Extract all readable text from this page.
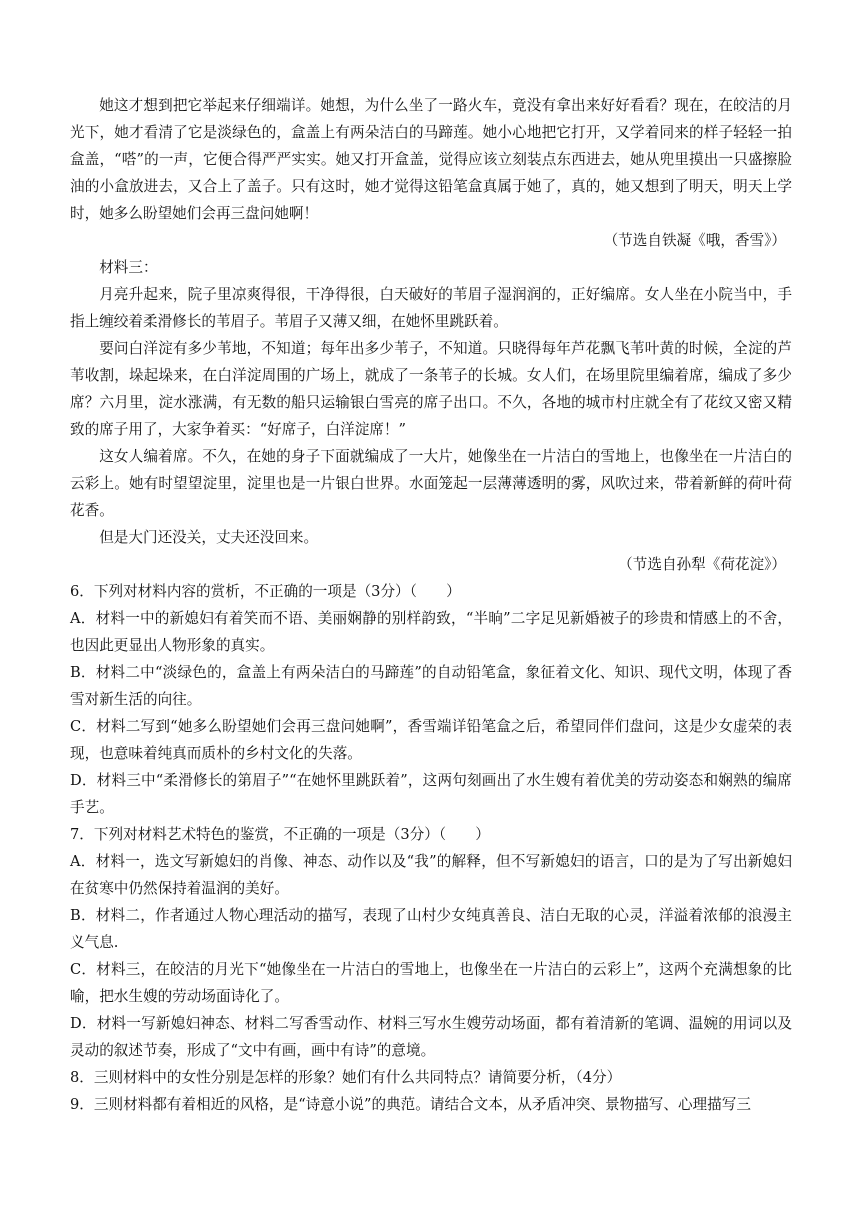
她这才想到把它举起来仔细端详。她想，为什么坐了一路火车，竟没有拿出来好好看看？现在，在皎洁的月光下，她才看清了它是淡绿色的，盒盖上有两朵洁白的马蹄莲。她小心地把它打开，又学着同来的样子轻轻一拍盒盖，“嗒”的一声，它便合得严严实实。她又打开盒盖，觉得应该立刻装点东西进去，她从兜里摸出一只盛擦脸油的小盒放进去，又合上了盖子。只有这时，她才觉得这铅笔盒真属于她了，真的，她又想到了明天，明天上学时，她多么盼望她们会再三盘问她啊！

（节选自铁凝《哦，香雪》）

材料三：

月亮升起来，院子里凉爽得很，干净得很，白天破好的苇眉子湿润润的，正好编席。女人坐在小院当中，手指上缠绞着柔滑修长的苇眉子。苇眉子又薄又细，在她怀里跳跃着。

要问白洋淀有多少苇地，不知道；每年出多少苇子，不知道。只晓得每年芦花飘飞苇叶黄的时候，全淀的芦苇收割，垛起垛来，在白洋淀周围的广场上，就成了一条苇子的长城。女人们，在场里院里编着席，编成了多少席？六月里，淀水涨满，有无数的船只运输银白雪亮的席子出口。不久，各地的城市村庄就全有了花纹又密又精致的席子用了，大家争着买：“好席子，白洋淀席！”

这女人编着席。不久，在她的身子下面就编成了一大片，她像坐在一片洁白的雪地上，也像坐在一片洁白的云彩上。她有时望望淀里，淀里也是一片银白世界。水面笼起一层薄薄透明的雾，风吹过来，带着新鲜的荷叶荷花香。

但是大门还没关，丈夫还没回来。

（节选自孙犁《荷花淀》）

6．下列对材料内容的赏析，不正确的一项是（3分）（　　）

A．材料一中的新媳妇有着笑而不语、美丽娴静的别样韵致，“半晌”二字足见新婚被子的珍贵和情感上的不舍，也因此更显出人物形象的真实。

B．材料二中“淡绿色的，盒盖上有两朵洁白的马蹄莲”的自动铅笔盒，象征着文化、知识、现代文明，体现了香雪对新生活的向往。

C．材料二写到“她多么盼望她们会再三盘问她啊”，香雪端详铅笔盒之后，希望同伴们盘问，这是少女虚荣的表现，也意味着纯真而质朴的乡村文化的失落。

D．材料三中“柔滑修长的第眉子”“在她怀里跳跃着”，这两句刻画出了水生嫂有着优美的劳动姿态和娴熟的编席手艺。

7．下列对材料艺术特色的鉴赏，不正确的一项是（3分）（　　）

A．材料一，选文写新媳妇的肖像、神态、动作以及“我”的解释，但不写新媳妇的语言，口的是为了写出新媳妇在贫寒中仍然保持着温润的美好。

B．材料二，作者通过人物心理活动的描写，表现了山村少女纯真善良、洁白无取的心灵，洋溢着浓郁的浪漫主义气息.

C．材料三，在皎洁的月光下“她像坐在一片洁白的雪地上，也像坐在一片洁白的云彩上”，这两个充满想象的比喻，把水生嫂的劳动场面诗化了。

D．材料一写新媳妇神态、材料二写香雪动作、材料三写水生嫂劳动场面，都有着清新的笔调、温婉的用词以及灵动的叙述节奏，形成了“文中有画，画中有诗”的意境。

8．三则材料中的女性分别是怎样的形象？她们有什么共同特点？请简要分析，（4分）

9．三则材料都有着相近的风格，是“诗意小说”的典范。请结合文本，从矛盾冲突、景物描写、心理描写三
